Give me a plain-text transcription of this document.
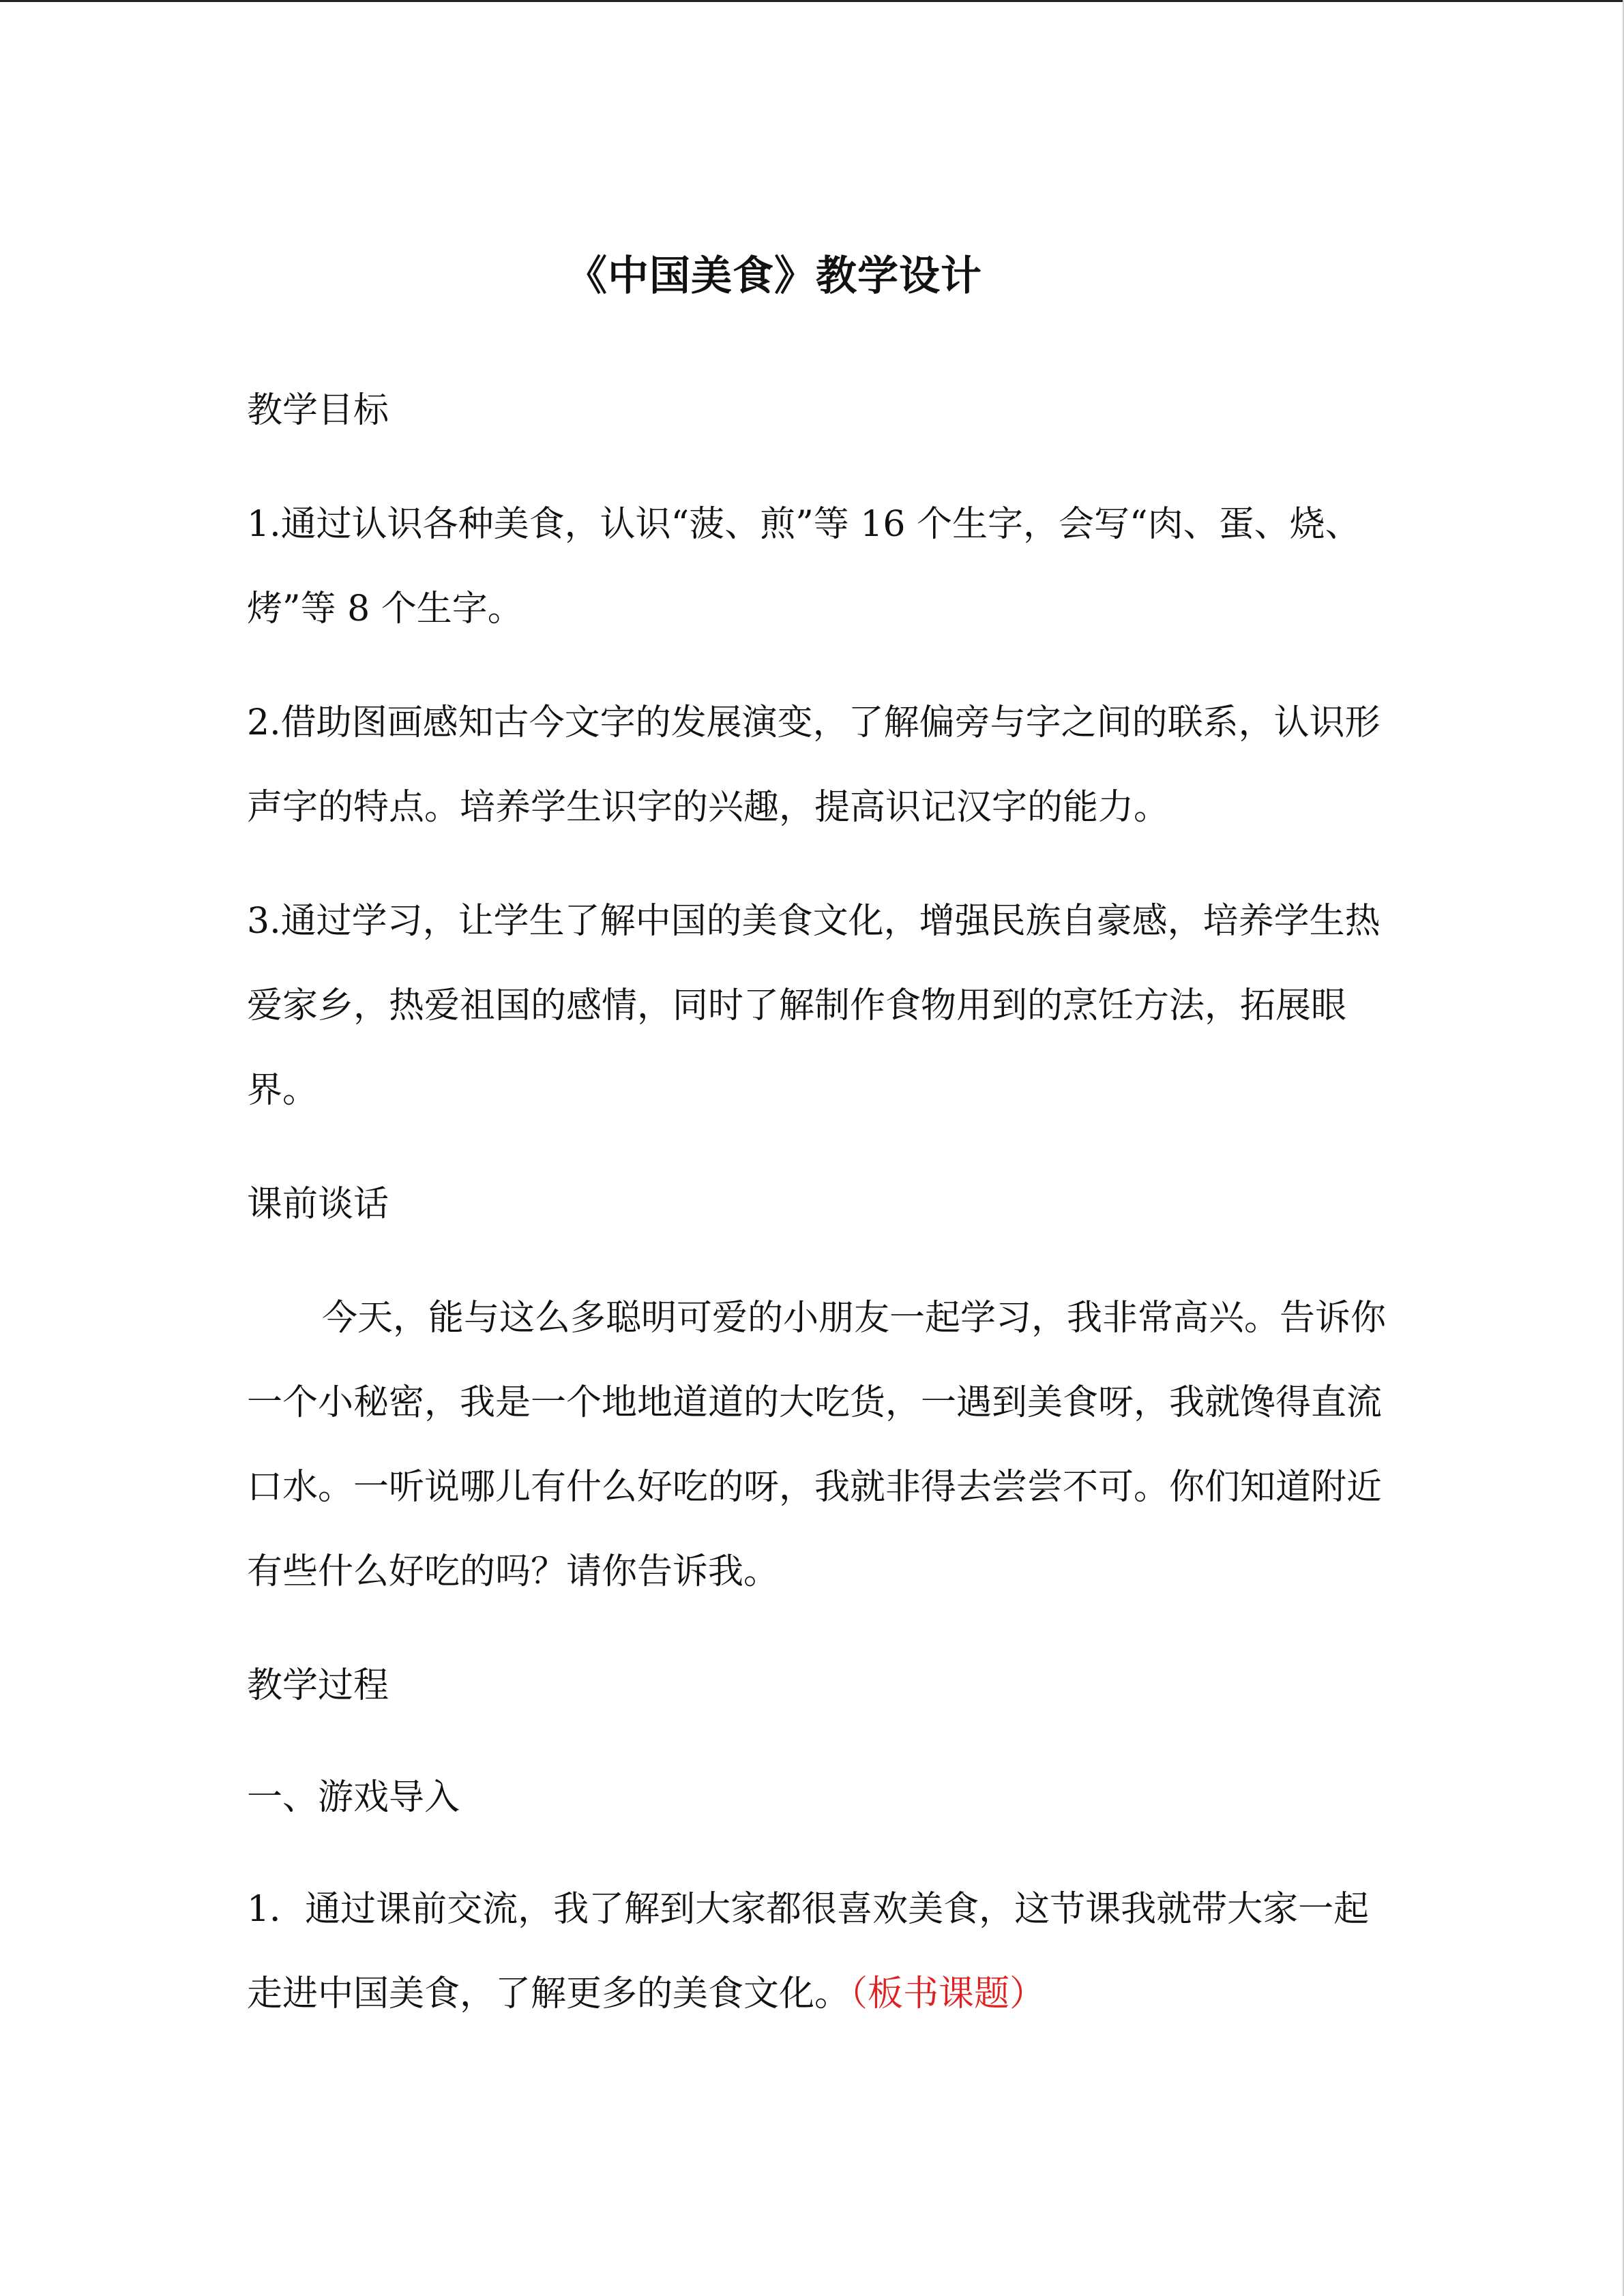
《中国美食》教学设计
教学目标
1.通过认识各种美食，认识“菠、煎”等 16 个生字，会写“肉、蛋、烧、烤”等 8 个生字。
2.借助图画感知古今文字的发展演变，了解偏旁与字之间的联系，认识形声字的特点。培养学生识字的兴趣，提高识记汉字的能力。
3.通过学习，让学生了解中国的美食文化，增强民族自豪感，培养学生热爱家乡，热爱祖国的感情，同时了解制作食物用到的烹饪方法，拓展眼界。
课前谈话
今天，能与这么多聪明可爱的小朋友一起学习，我非常高兴。告诉你一个小秘密，我是一个地地道道的大吃货，一遇到美食呀，我就馋得直流口水。一听说哪儿有什么好吃的呀，我就非得去尝尝不可。你们知道附近有些什么好吃的吗？请你告诉我。
教学过程
一、游戏导入
1．通过课前交流，我了解到大家都很喜欢美食，这节课我就带大家一起走进中国美食，了解更多的美食文化。（板书课题）
